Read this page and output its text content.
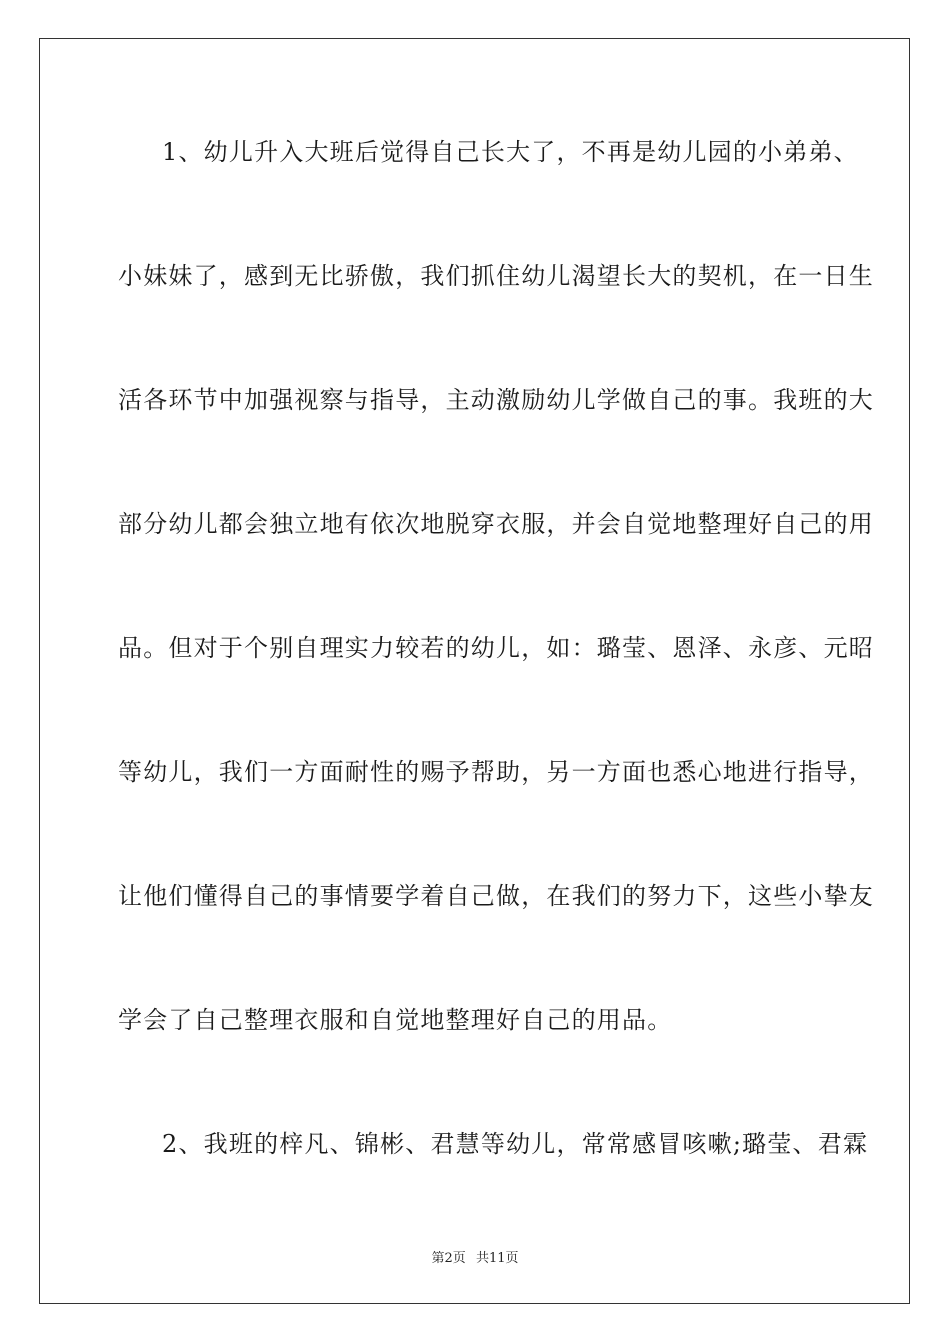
1、幼儿升入大班后觉得自己长大了，不再是幼儿园的小弟弟、
小妹妹了，感到无比骄傲，我们抓住幼儿渴望长大的契机，在一日生
活各环节中加强视察与指导，主动激励幼儿学做自己的事。我班的大
部分幼儿都会独立地有依次地脱穿衣服，并会自觉地整理好自己的用
品。但对于个别自理实力较若的幼儿，如：璐莹、恩泽、永彦、元昭
等幼儿，我们一方面耐性的赐予帮助，另一方面也悉心地进行指导，
让他们懂得自己的事情要学着自己做，在我们的努力下，这些小挚友
学会了自己整理衣服和自觉地整理好自己的用品。
2、我班的梓凡、锦彬、君慧等幼儿，常常感冒咳嗽;璐莹、君霖
第2页 共11页
